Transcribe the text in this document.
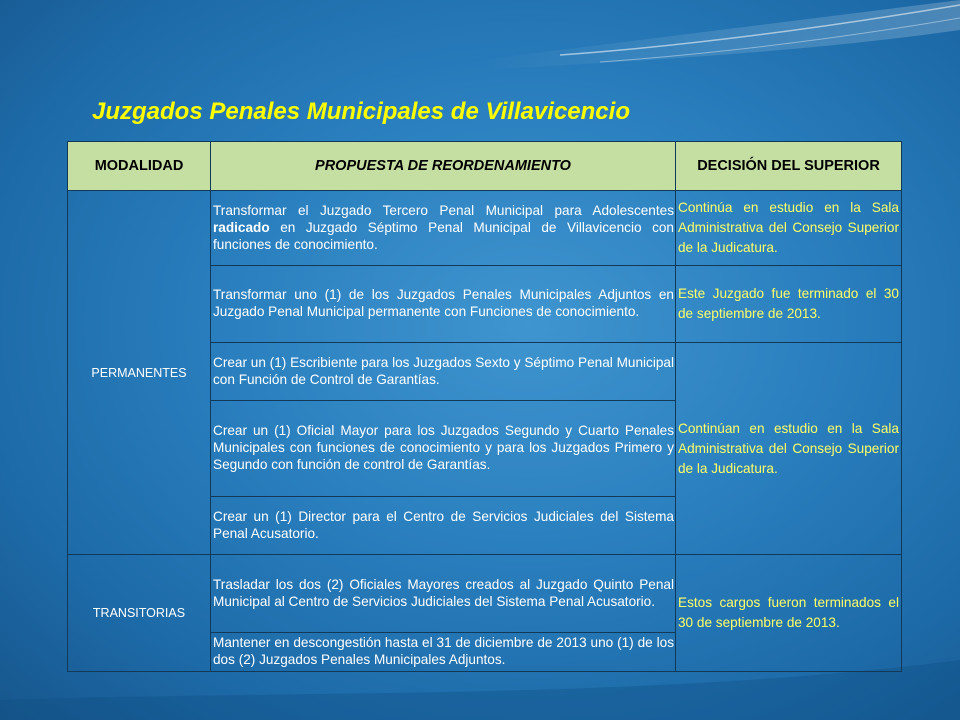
Juzgados Penales Municipales de Villavicencio
MODALIDAD	PROPUESTA DE REORDENAMIENTO	DECISIÓN DEL SUPERIOR
PERMANENTES	Transformar el Juzgado Tercero Penal Municipal para Adolescentes radicado en Juzgado Séptimo Penal Municipal de Villavicencio con funciones de conocimiento.	Continúa en estudio en la Sala Administrativa del Consejo Superior de la Judicatura.
	Transformar uno (1) de los Juzgados Penales Municipales Adjuntos en Juzgado Penal Municipal permanente con Funciones de conocimiento.	Este Juzgado fue terminado el 30 de septiembre de 2013.
	Crear un (1) Escribiente para los Juzgados Sexto y Séptimo Penal Municipal con Función de Control de Garantías.	Continúan en estudio en la Sala Administrativa del Consejo Superior de la Judicatura.
	Crear un (1) Oficial Mayor para los Juzgados Segundo y Cuarto Penales Municipales con funciones de conocimiento y para los Juzgados Primero y Segundo con función de control de Garantías.	
	Crear un (1) Director para el Centro de Servicios Judiciales del Sistema Penal Acusatorio.	
TRANSITORIAS	Trasladar los dos (2) Oficiales Mayores creados al Juzgado Quinto Penal Municipal al Centro de Servicios Judiciales del Sistema Penal Acusatorio.	Estos cargos fueron terminados el 30 de septiembre de 2013.
	Mantener en descongestión hasta el 31 de diciembre de 2013 uno (1) de los dos (2) Juzgados Penales Municipales Adjuntos.	
